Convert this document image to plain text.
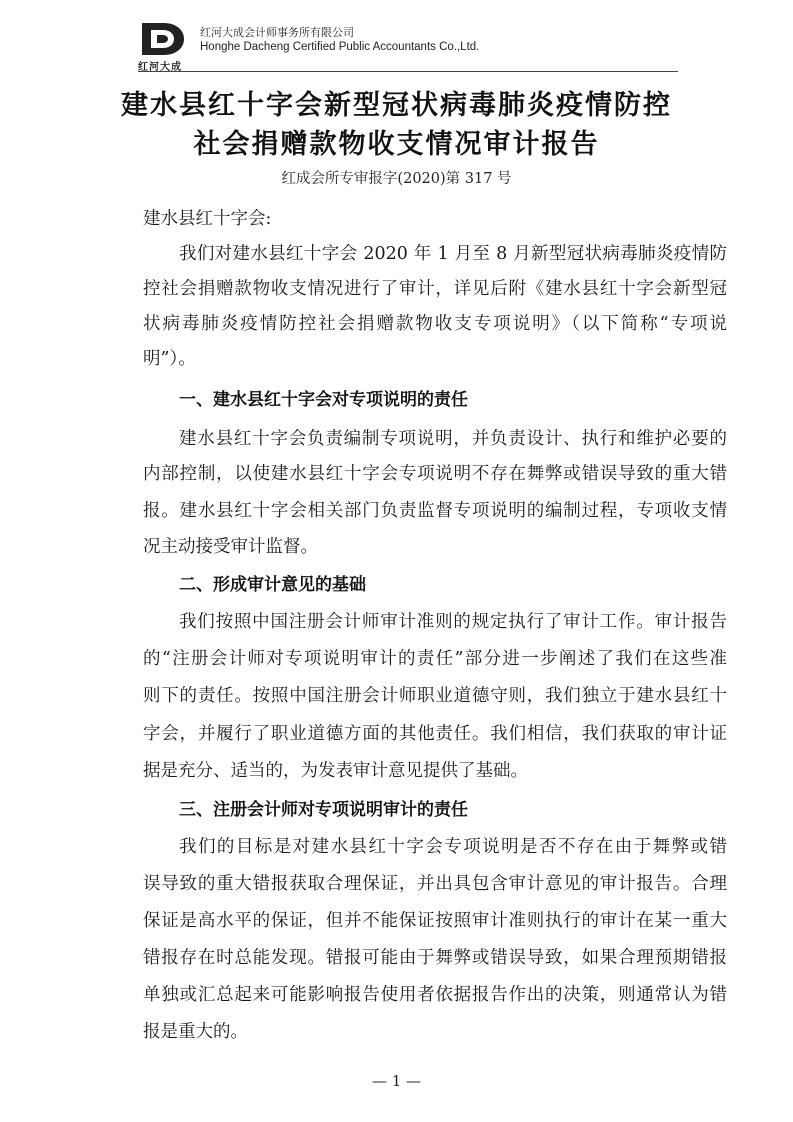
红河大成
红河大成会计师事务所有限公司
Honghe Dacheng Certified Public Accountants Co.,Ltd.
建水县红十字会新型冠状病毒肺炎疫情防控
社会捐赠款物收支情况审计报告
红成会所专审报字(2020)第 317 号
建水县红十字会:
我们对建水县红十字会 2020 年 1 月至 8 月新型冠状病毒肺炎疫情防
控社会捐赠款物收支情况进行了审计，详见后附《建水县红十字会新型冠
状病毒肺炎疫情防控社会捐赠款物收支专项说明》（以下简称“专项说
明”）。
一、建水县红十字会对专项说明的责任
建水县红十字会负责编制专项说明，并负责设计、执行和维护必要的
内部控制，以使建水县红十字会专项说明不存在舞弊或错误导致的重大错
报。建水县红十字会相关部门负责监督专项说明的编制过程，专项收支情
况主动接受审计监督。
二、形成审计意见的基础
我们按照中国注册会计师审计准则的规定执行了审计工作。审计报告
的“注册会计师对专项说明审计的责任”部分进一步阐述了我们在这些准
则下的责任。按照中国注册会计师职业道德守则，我们独立于建水县红十
字会，并履行了职业道德方面的其他责任。我们相信，我们获取的审计证
据是充分、适当的，为发表审计意见提供了基础。
三、注册会计师对专项说明审计的责任
我们的目标是对建水县红十字会专项说明是否不存在由于舞弊或错
误导致的重大错报获取合理保证，并出具包含审计意见的审计报告。合理
保证是高水平的保证，但并不能保证按照审计准则执行的审计在某一重大
错报存在时总能发现。错报可能由于舞弊或错误导致，如果合理预期错报
单独或汇总起来可能影响报告使用者依据报告作出的决策，则通常认为错
报是重大的。
— 1 —
